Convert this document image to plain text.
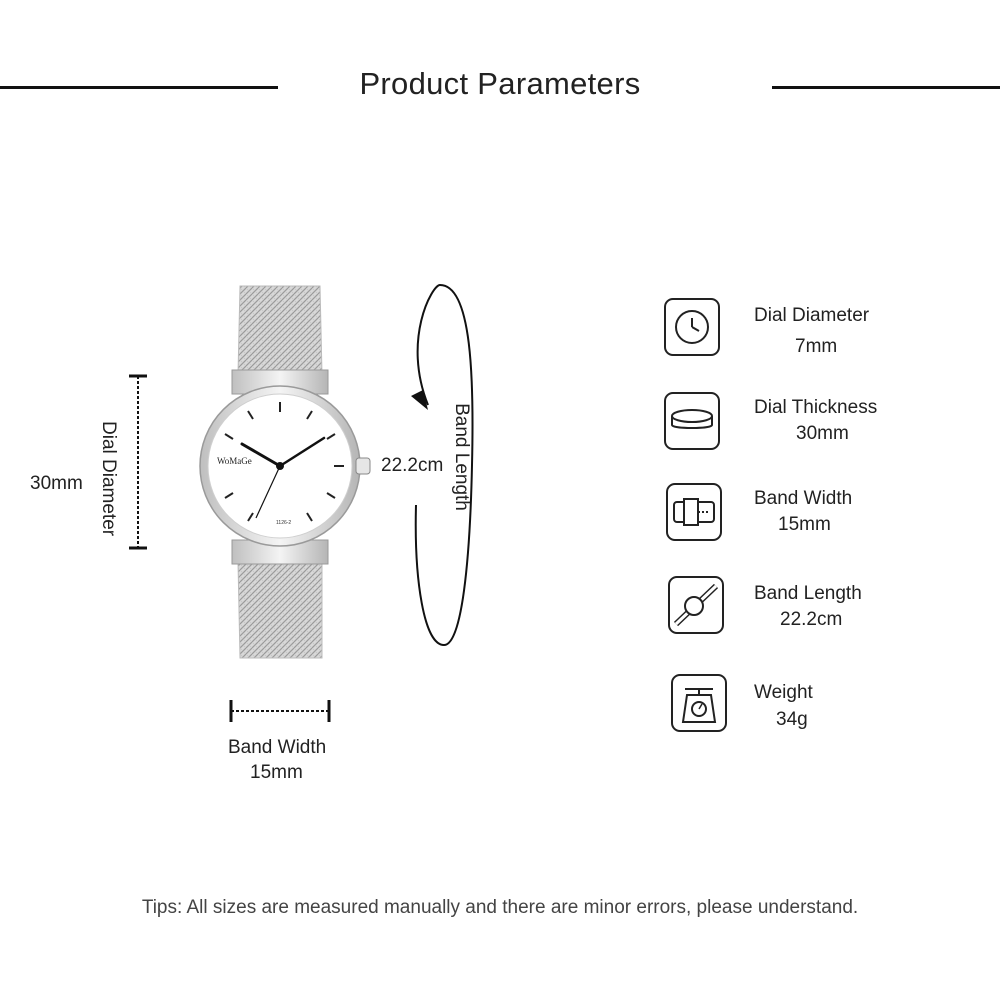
Product Parameters
WoMaGe
1126-2
Dial Diameter
30mm	Band Length
22.2cm
Band Width
15mm
Dial Diameter
7mm
Dial Thickness
30mm
Band Width
15mm
Band Length
22.2cm
Weight
34g
Tips: All sizes are measured manually and there are minor errors, please understand.
